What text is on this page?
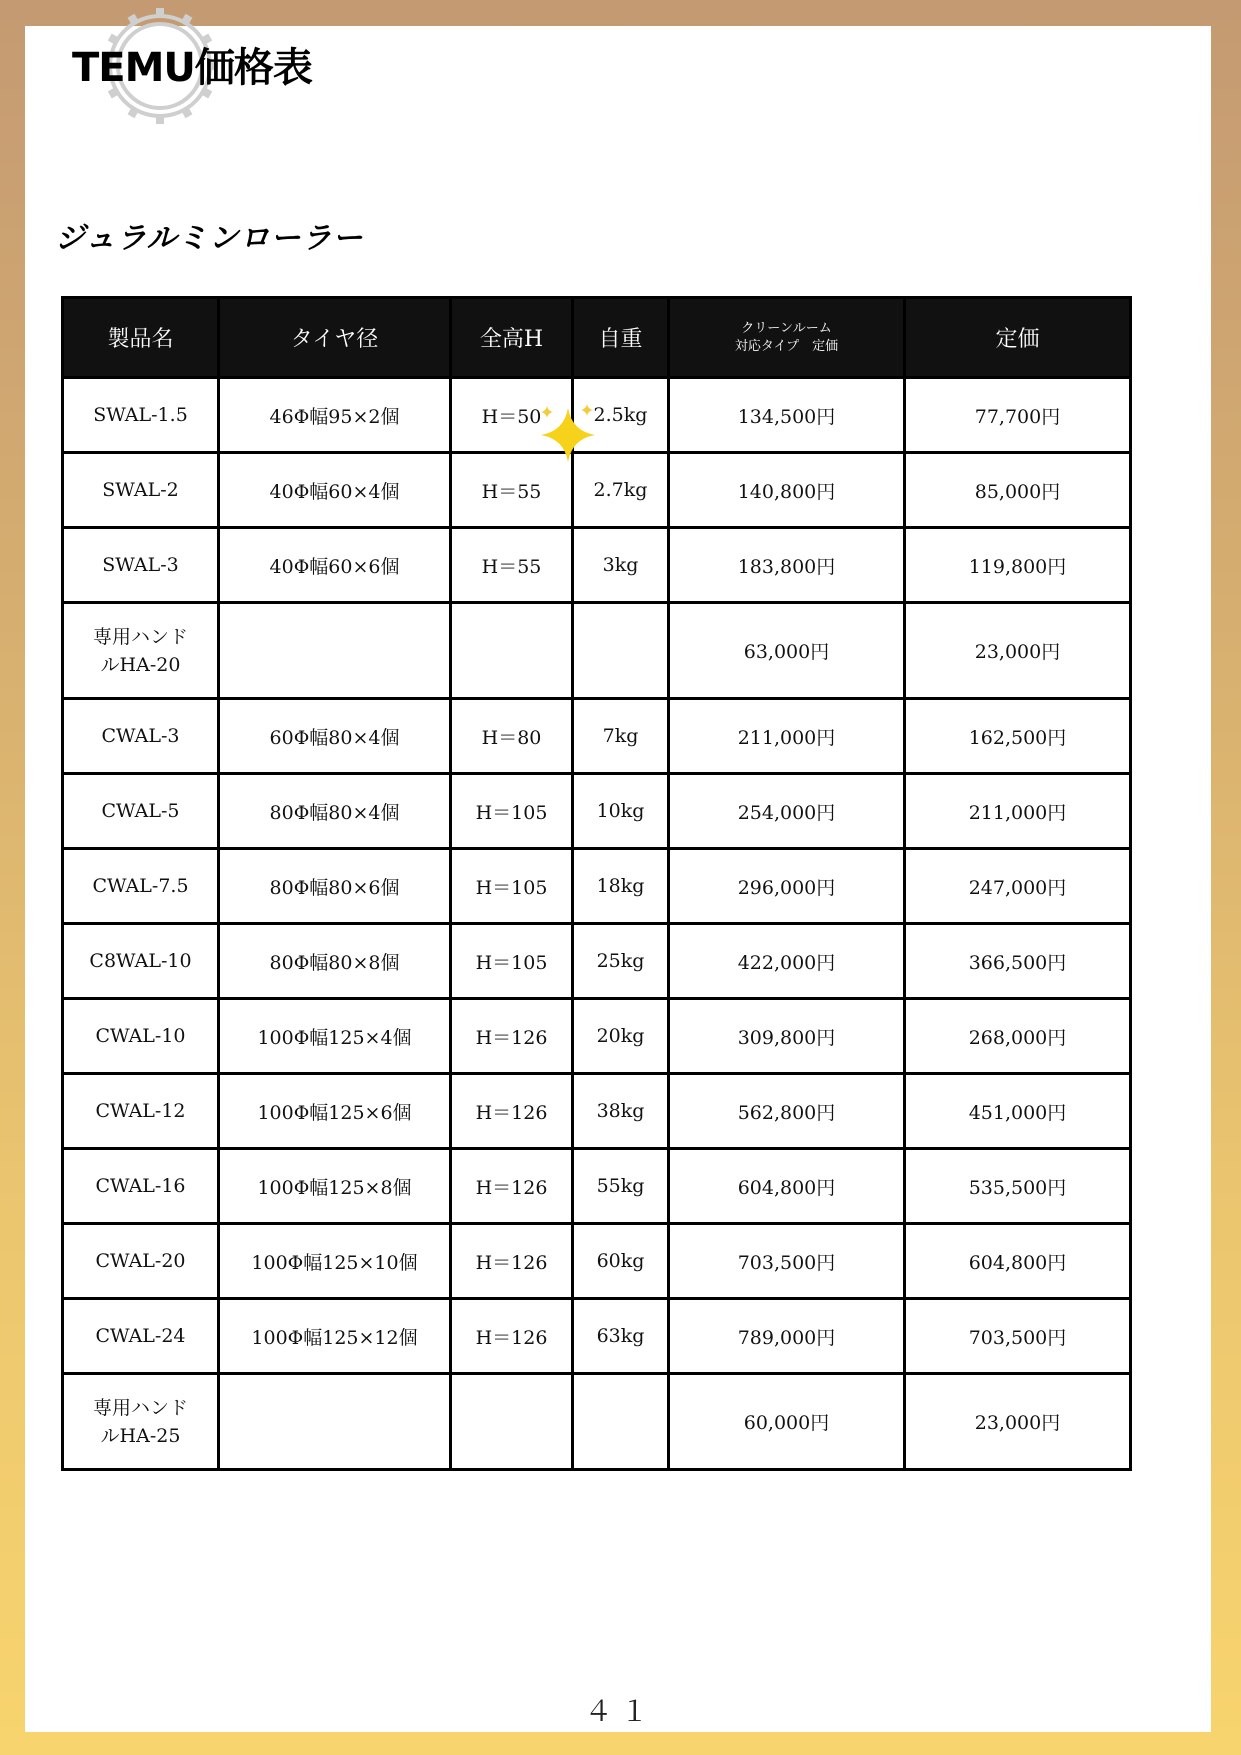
TEMU価格表
ジュラルミンローラー
製品名	タイヤ径	全高H	自重	クリーンルーム
対応タイプ　定価	定価
SWAL-1.5	46Φ幅95×2個	H＝50	2.5kg	134,500円	77,700円
SWAL-2	40Φ幅60×4個	H＝55	2.7kg	140,800円	85,000円
SWAL-3	40Φ幅60×6個	H＝55	3kg	183,800円	119,800円

専用ハンド
ルHA-20				63,000円	23,000円
CWAL-3	60Φ幅80×4個	H＝80	7kg	211,000円	162,500円
CWAL-5	80Φ幅80×4個	H＝105	10kg	254,000円	211,000円
CWAL-7.5	80Φ幅80×6個	H＝105	18kg	296,000円	247,000円
C8WAL-10	80Φ幅80×8個	H＝105	25kg	422,000円	366,500円
CWAL-10	100Φ幅125×4個	H＝126	20kg	309,800円	268,000円
CWAL-12	100Φ幅125×6個	H＝126	38kg	562,800円	451,000円
CWAL-16	100Φ幅125×8個	H＝126	55kg	604,800円	535,500円
CWAL-20	100Φ幅125×10個	H＝126	60kg	703,500円	604,800円
CWAL-24	100Φ幅125×12個	H＝126	63kg	789,000円	703,500円

専用ハンド
ルHA-25				60,000円	23,000円
４１
